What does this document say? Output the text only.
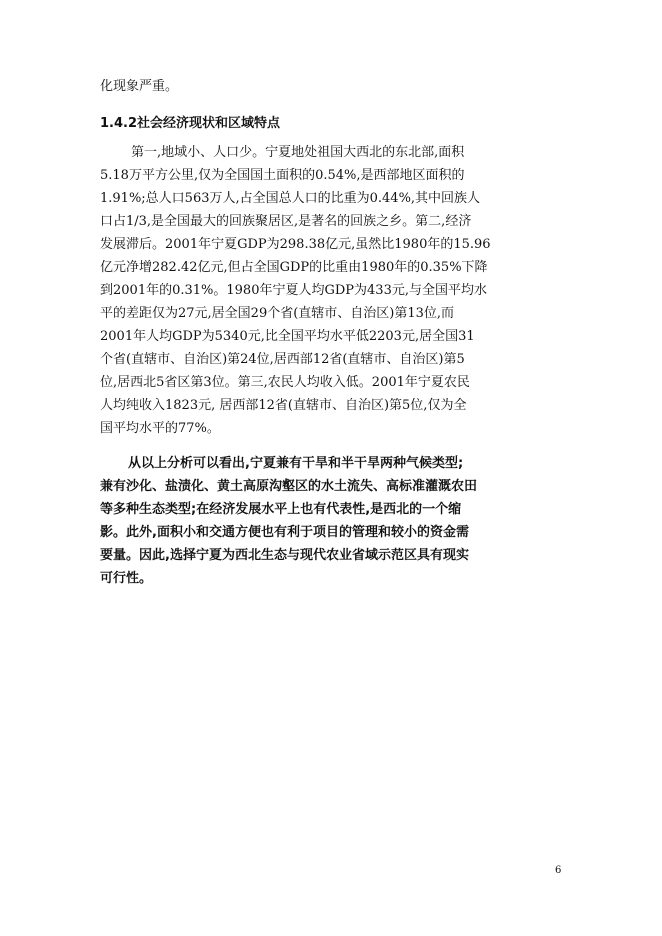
化现象严重。
1.4.2社会经济现状和区域特点
第一,地域小、人口少。宁夏地处祖国大西北的东北部,面积
5.18万平方公里,仅为全国国土面积的0.54%,是西部地区面积的
1.91%;总人口563万人,占全国总人口的比重为0.44%,其中回族人
口占1/3,是全国最大的回族聚居区,是著名的回族之乡。第二,经济
发展滞后。2001年宁夏GDP为298.38亿元,虽然比1980年的15.96
亿元净增282.42亿元,但占全国GDP的比重由1980年的0.35%下降
到2001年的0.31%。1980年宁夏人均GDP为433元,与全国平均水
平的差距仅为27元,居全国29个省(直辖市、自治区)第13位,而
2001年人均GDP为5340元,比全国平均水平低2203元,居全国31
个省(直辖市、自治区)第24位,居西部12省(直辖市、自治区)第5
位,居西北5省区第3位。第三,农民人均收入低。2001年宁夏农民
人均纯收入1823元, 居西部12省(直辖市、自治区)第5位,仅为全
国平均水平的77%。
从以上分析可以看出,宁夏兼有干旱和半干旱两种气候类型;
兼有沙化、盐渍化、黄土高原沟壑区的水土流失、高标准灌溉农田
等多种生态类型;在经济发展水平上也有代表性,是西北的一个缩
影。此外,面积小和交通方便也有利于项目的管理和较小的资金需
要量。因此,选择宁夏为西北生态与现代农业省域示范区具有现实
可行性。
6
